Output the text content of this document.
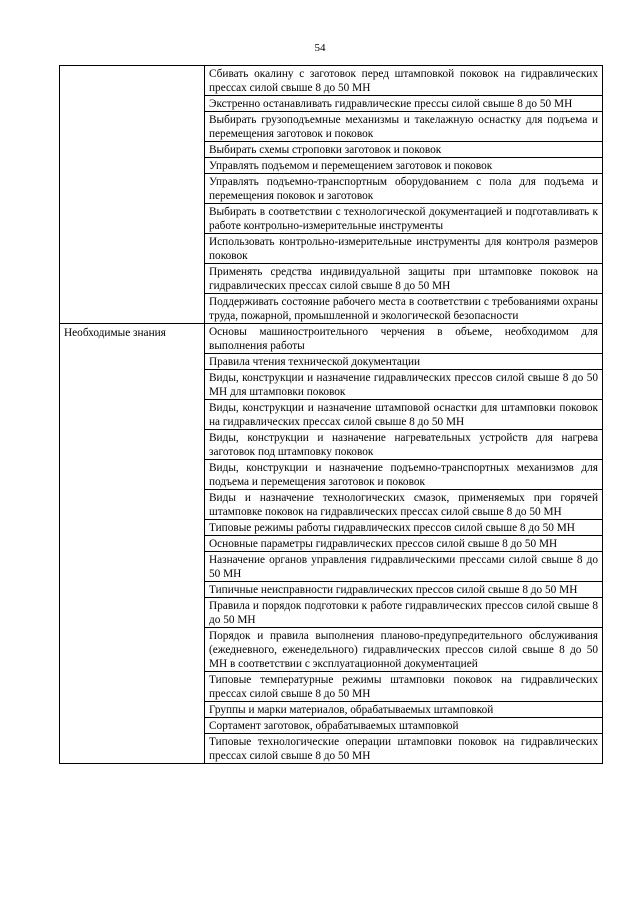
54

	Сбивать окалину с заготовок перед штамповкой поковок на гидравлических прессах силой свыше 8 до 50 МН

	Экстренно останавливать гидравлические прессы силой свыше 8 до 50 МН

	Выбирать грузоподъемные механизмы и такелажную оснастку для подъема и перемещения заготовок и поковок

	Выбирать схемы строповки заготовок и поковок

	Управлять подъемом и перемещением заготовок и поковок

	Управлять подъемно-транспортным оборудованием с пола для подъема и перемещения поковок и заготовок

	Выбирать в соответствии с технологической документацией и подготавливать к работе контрольно-измерительные инструменты

	Использовать контрольно-измерительные инструменты для контроля размеров поковок

	Применять средства индивидуальной защиты при штамповке поковок на гидравлических прессах силой свыше 8 до 50 МН

	Поддерживать состояние рабочего места в соответствии с требованиями охраны труда, пожарной, промышленной и экологической безопасности

Необходимые знания	Основы машиностроительного черчения в объеме, необходимом для выполнения работы

	Правила чтения технической документации

	Виды, конструкции и назначение гидравлических прессов силой свыше 8 до 50 МН для штамповки поковок

	Виды, конструкции и назначение штамповой оснастки для штамповки поковок на гидравлических прессах силой свыше 8 до 50 МН

	Виды, конструкции и назначение нагревательных устройств для нагрева заготовок под штамповку поковок

	Виды, конструкции и назначение подъемно-транспортных механизмов для подъема и перемещения заготовок и поковок

	Виды и назначение технологических смазок, применяемых при горячей штамповке поковок на гидравлических прессах силой свыше 8 до 50 МН

	Типовые режимы работы гидравлических прессов силой свыше 8 до 50 МН

	Основные параметры гидравлических прессов силой свыше 8 до 50 МН

	Назначение органов управления гидравлическими прессами силой свыше 8 до 50 МН

	Типичные неисправности гидравлических прессов силой свыше 8 до 50 МН

	Правила и порядок подготовки к работе гидравлических прессов силой свыше 8 до 50 МН

	Порядок и правила выполнения планово-предупредительного обслуживания (ежедневного, еженедельного) гидравлических прессов силой свыше 8 до 50 МН в соответствии с эксплуатационной документацией

	Типовые температурные режимы штамповки поковок на гидравлических прессах силой свыше 8 до 50 МН

	Группы и марки материалов, обрабатываемых штамповкой

	Сортамент заготовок, обрабатываемых штамповкой

	Типовые технологические операции штамповки поковок на гидравлических прессах силой свыше 8 до 50 МН
